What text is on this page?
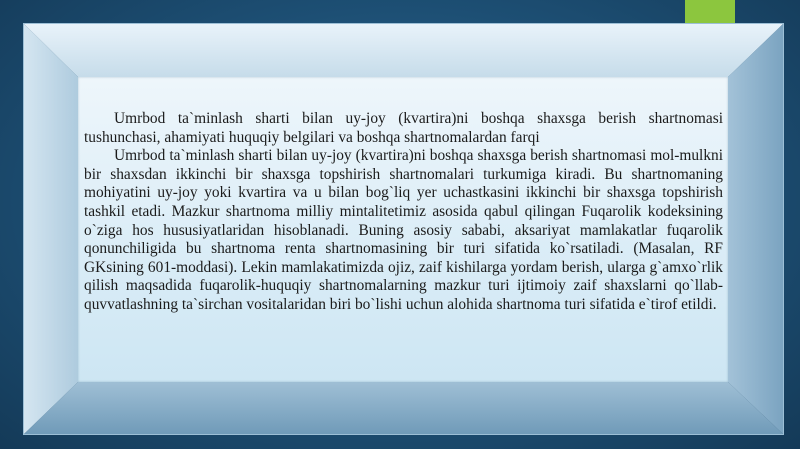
Umrbod ta`minlash sharti bilan uy-joy (kvartira)ni boshqa shaxsga berish shartnomasi tushunchasi, ahamiyati huquqiy belgilari va boshqa shartnomalardan farqi

Umrbod ta`minlash sharti bilan uy-joy (kvartira)ni boshqa shaxsga berish shartnomasi mol-mulkni bir shaxsdan ikkinchi bir shaxsga topshirish shartnomalari turkumiga kiradi. Bu shartnomaning mohiyatini uy-joy yoki kvartira va u bilan bog`liq yer uchastkasini ikkinchi bir shaxsga topshirish tashkil etadi. Mazkur shartnoma milliy mintalitetimiz asosida qabul qilingan Fuqarolik kodeksining o`ziga hos hususiyatlaridan hisoblanadi. Buning asosiy sababi, aksariyat mamlakatlar fuqarolik qonunchiligida bu shartnoma renta shartnomasining bir turi sifatida ko`rsatiladi. (Masalan, RF GKsining 601-moddasi). Lekin mamlakatimizda ojiz, zaif kishilarga yordam berish, ularga g`amxo`rlik qilish maqsadida fuqarolik-huquqiy shartnomalarning mazkur turi ijtimoiy zaif shaxslarni qo`llab-quvvatlashning ta`sirchan vositalaridan biri bo`lishi uchun alohida shartnoma turi sifatida e`tirof etildi.
